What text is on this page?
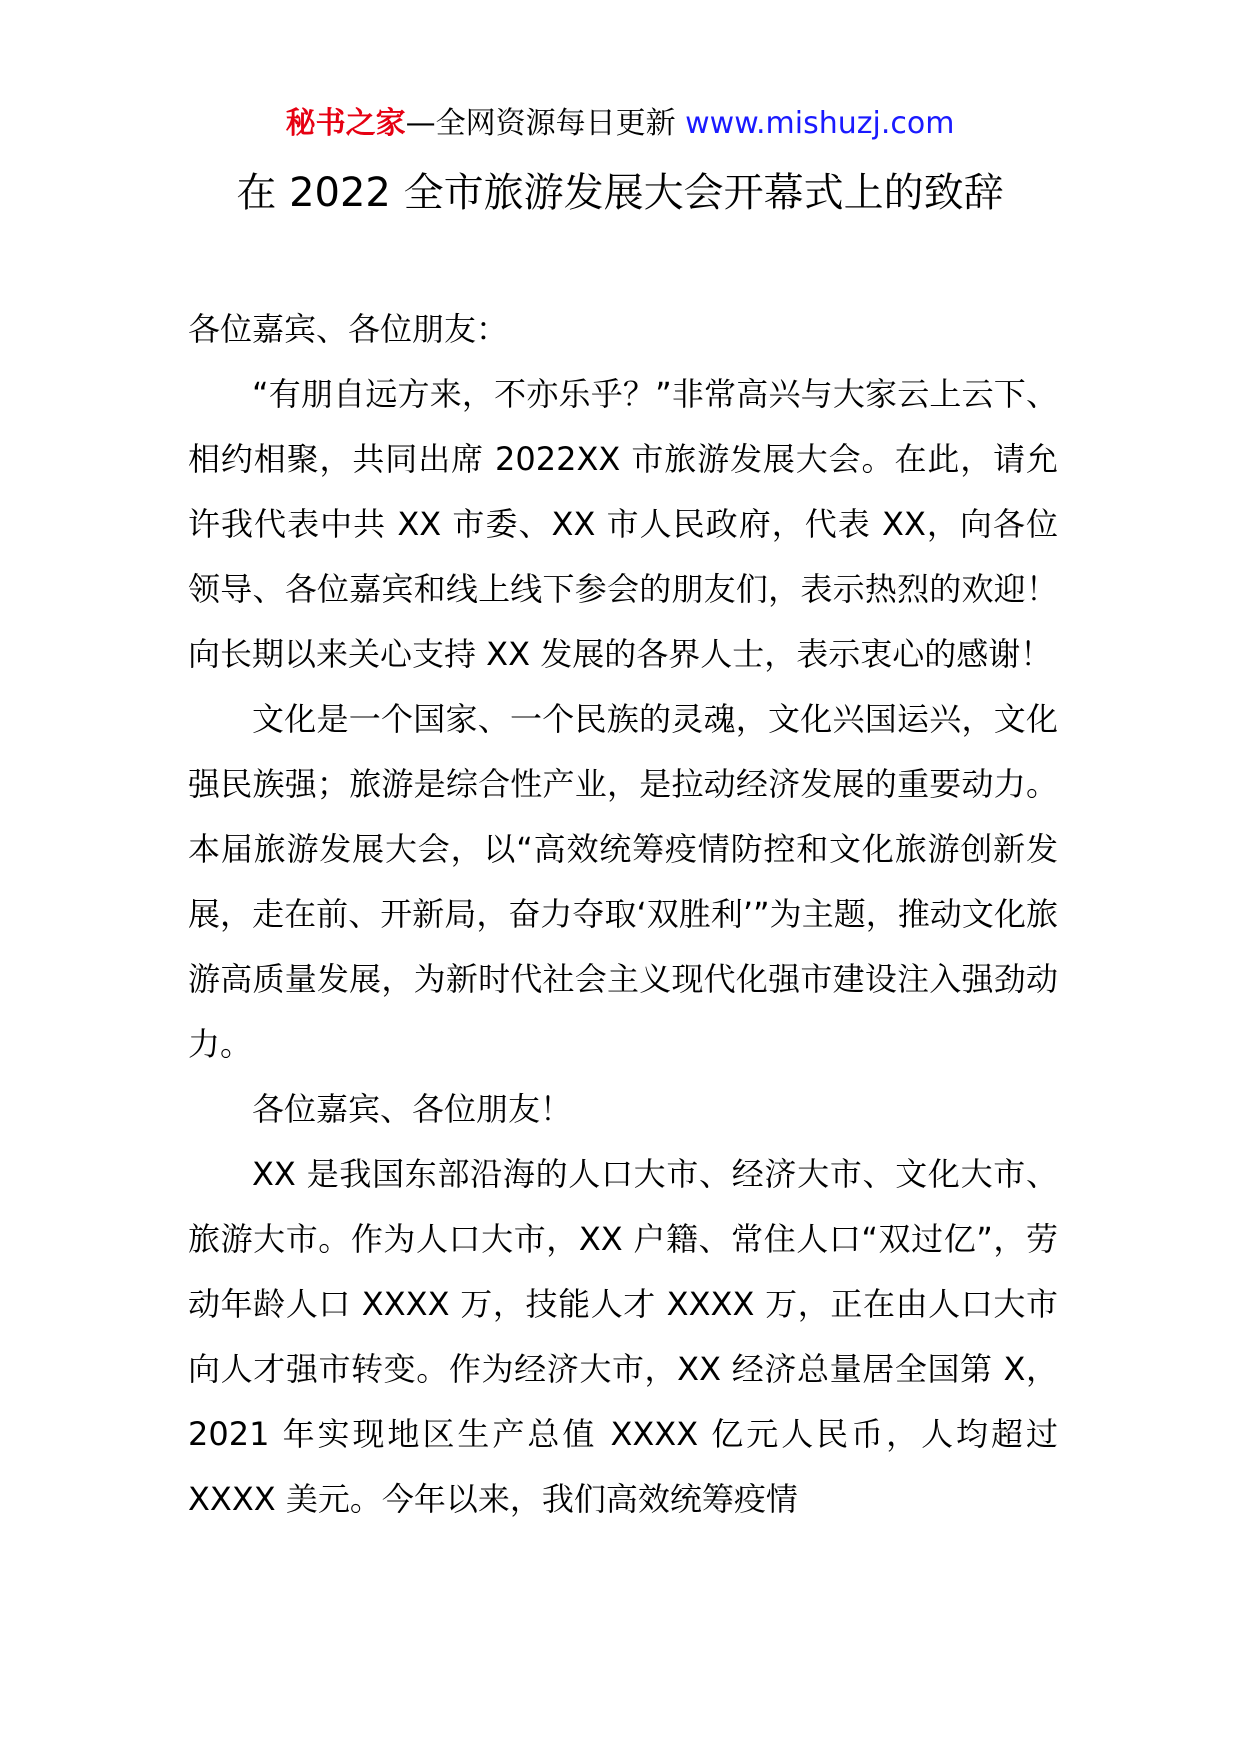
秘书之家—全网资源每日更新 www.mishuzj.com
在 2022 全市旅游发展大会开幕式上的致辞

各位嘉宾、各位朋友：

“有朋自远方来，不亦乐乎？”非常高兴与大家云上云下、相约相聚，共同出席 2022XX 市旅游发展大会。在此，请允许我代表中共 XX 市委、XX 市人民政府，代表 XX，向各位领导、各位嘉宾和线上线下参会的朋友们，表示热烈的欢迎！向长期以来关心支持 XX 发展的各界人士，表示衷心的感谢！

文化是一个国家、一个民族的灵魂，文化兴国运兴，文化强民族强；旅游是综合性产业，是拉动经济发展的重要动力。本届旅游发展大会，以“高效统筹疫情防控和文化旅游创新发展，走在前、开新局，奋力夺取‘双胜利’”为主题，推动文化旅游高质量发展，为新时代社会主义现代化强市建设注入强劲动力。

各位嘉宾、各位朋友！

XX 是我国东部沿海的人口大市、经济大市、文化大市、旅游大市。作为人口大市，XX 户籍、常住人口“双过亿”，劳动年龄人口 XXXX 万，技能人才 XXXX 万，正在由人口大市向人才强市转变。作为经济大市，XX 经济总量居全国第 X，2021 年实现地区生产总值 XXXX 亿元人民币，人均超过 XXXX 美元。今年以来，我们高效统筹疫情
